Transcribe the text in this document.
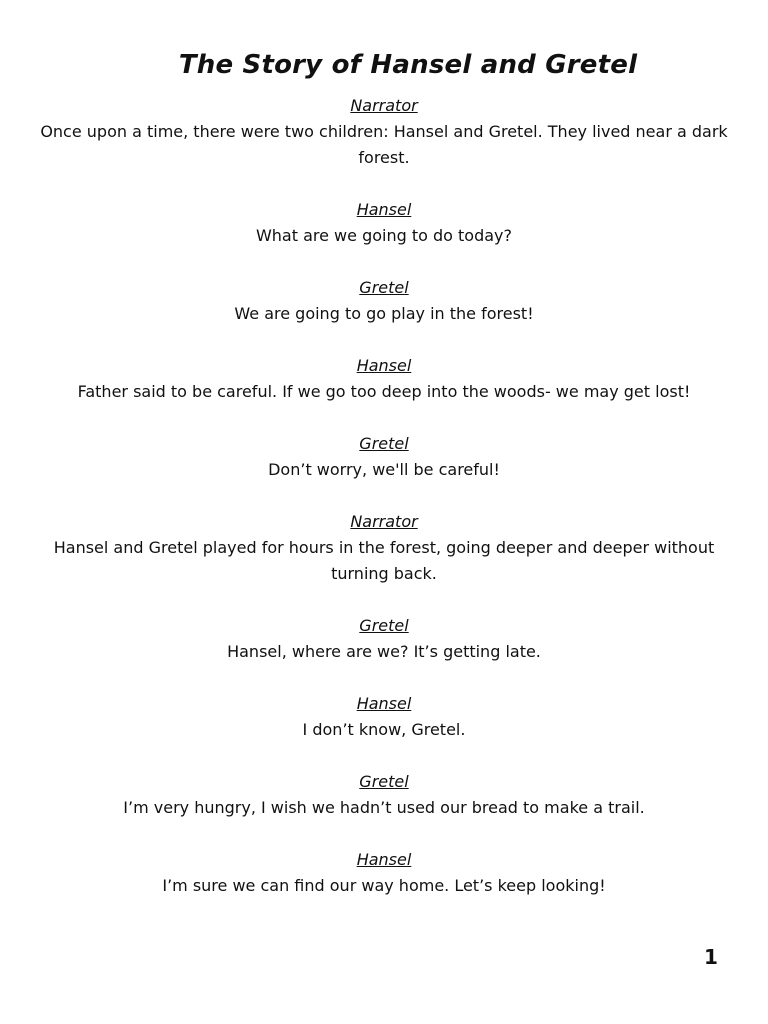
The Story of Hansel and Gretel
Narrator
Once upon a time, there were two children: Hansel and Gretel. They lived near a dark forest.
Hansel
What are we going to do today?
Gretel
We are going to go play in the forest!
Hansel
Father said to be careful. If we go too deep into the woods- we may get lost!
Gretel
Don’t worry, we'll be careful!
Narrator
Hansel and Gretel played for hours in the forest, going deeper and deeper without turning back.
Gretel
Hansel, where are we? It’s getting late.
Hansel
I don’t know, Gretel.
Gretel
I’m very hungry, I wish we hadn’t used our bread to make a trail.
Hansel
I’m sure we can find our way home. Let’s keep looking!
1
